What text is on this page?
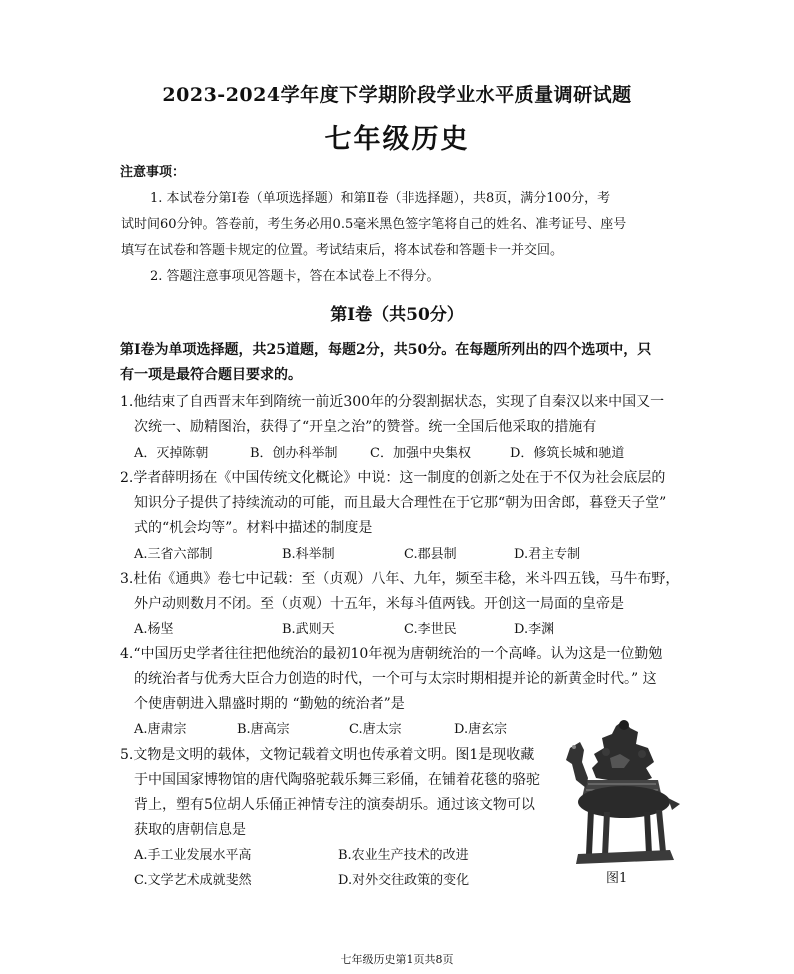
2023-2024学年度下学期阶段学业水平质量调研试题
七年级历史
注意事项：
1. 本试卷分第Ⅰ卷（单项选择题）和第Ⅱ卷（非选择题），共8页，满分100分，考
试时间60分钟。答卷前，考生务必用0.5毫米黑色签字笔将自己的姓名、准考证号、座号
填写在试卷和答题卡规定的位置。考试结束后，将本试卷和答题卡一并交回。
2. 答题注意事项见答题卡，答在本试卷上不得分。
第Ⅰ卷（共50分）
第Ⅰ卷为单项选择题，共25道题，每题2分，共50分。在每题所列出的四个选项中，只
有一项是最符合题目要求的。
1.他结束了自西晋末年到隋统一前近300年的分裂割据状态，实现了自秦汉以来中国又一
次统一、励精图治，获得了“开皇之治”的赞誉。统一全国后他采取的措施有
A．灭掉陈朝	B．创办科举制 C．加强中央集权	D．修筑长城和驰道
2.学者薛明扬在《中国传统文化概论》中说：这一制度的创新之处在于不仅为社会底层的
知识分子提供了持续流动的可能，而且最大合理性在于它那“朝为田舍郎，暮登天子堂”
式的“机会均等”。材料中描述的制度是
A.三省六部制	B.科举制	C.郡县制	D.君主专制
3.杜佑《通典》卷七中记载：至（贞观）八年、九年，频至丰稔，米斗四五钱，马牛布野，
外户动则数月不闭。至（贞观）十五年，米每斗值两钱。开创这一局面的皇帝是
A.杨坚	B.武则天	C.李世民	D.李渊
4.“中国历史学者往往把他统治的最初10年视为唐朝统治的一个高峰。认为这是一位勤勉
的统治者与优秀大臣合力创造的时代，一个可与太宗时期相提并论的新黄金时代。” 这
个使唐朝进入鼎盛时期的 “勤勉的统治者”是
A.唐肃宗	B.唐高宗	C.唐太宗	D.唐玄宗
5.文物是文明的载体，文物记载着文明也传承着文明。图1是现收藏
于中国国家博物馆的唐代陶骆驼载乐舞三彩俑，在铺着花毯的骆驼
背上，塑有5位胡人乐俑正神情专注的演奏胡乐。通过该文物可以
获取的唐朝信息是
A.手工业发展水平高	B.农业生产技术的改进
C.文学艺术成就斐然	D.对外交往政策的变化	图1
七年级历史第1页共8页
